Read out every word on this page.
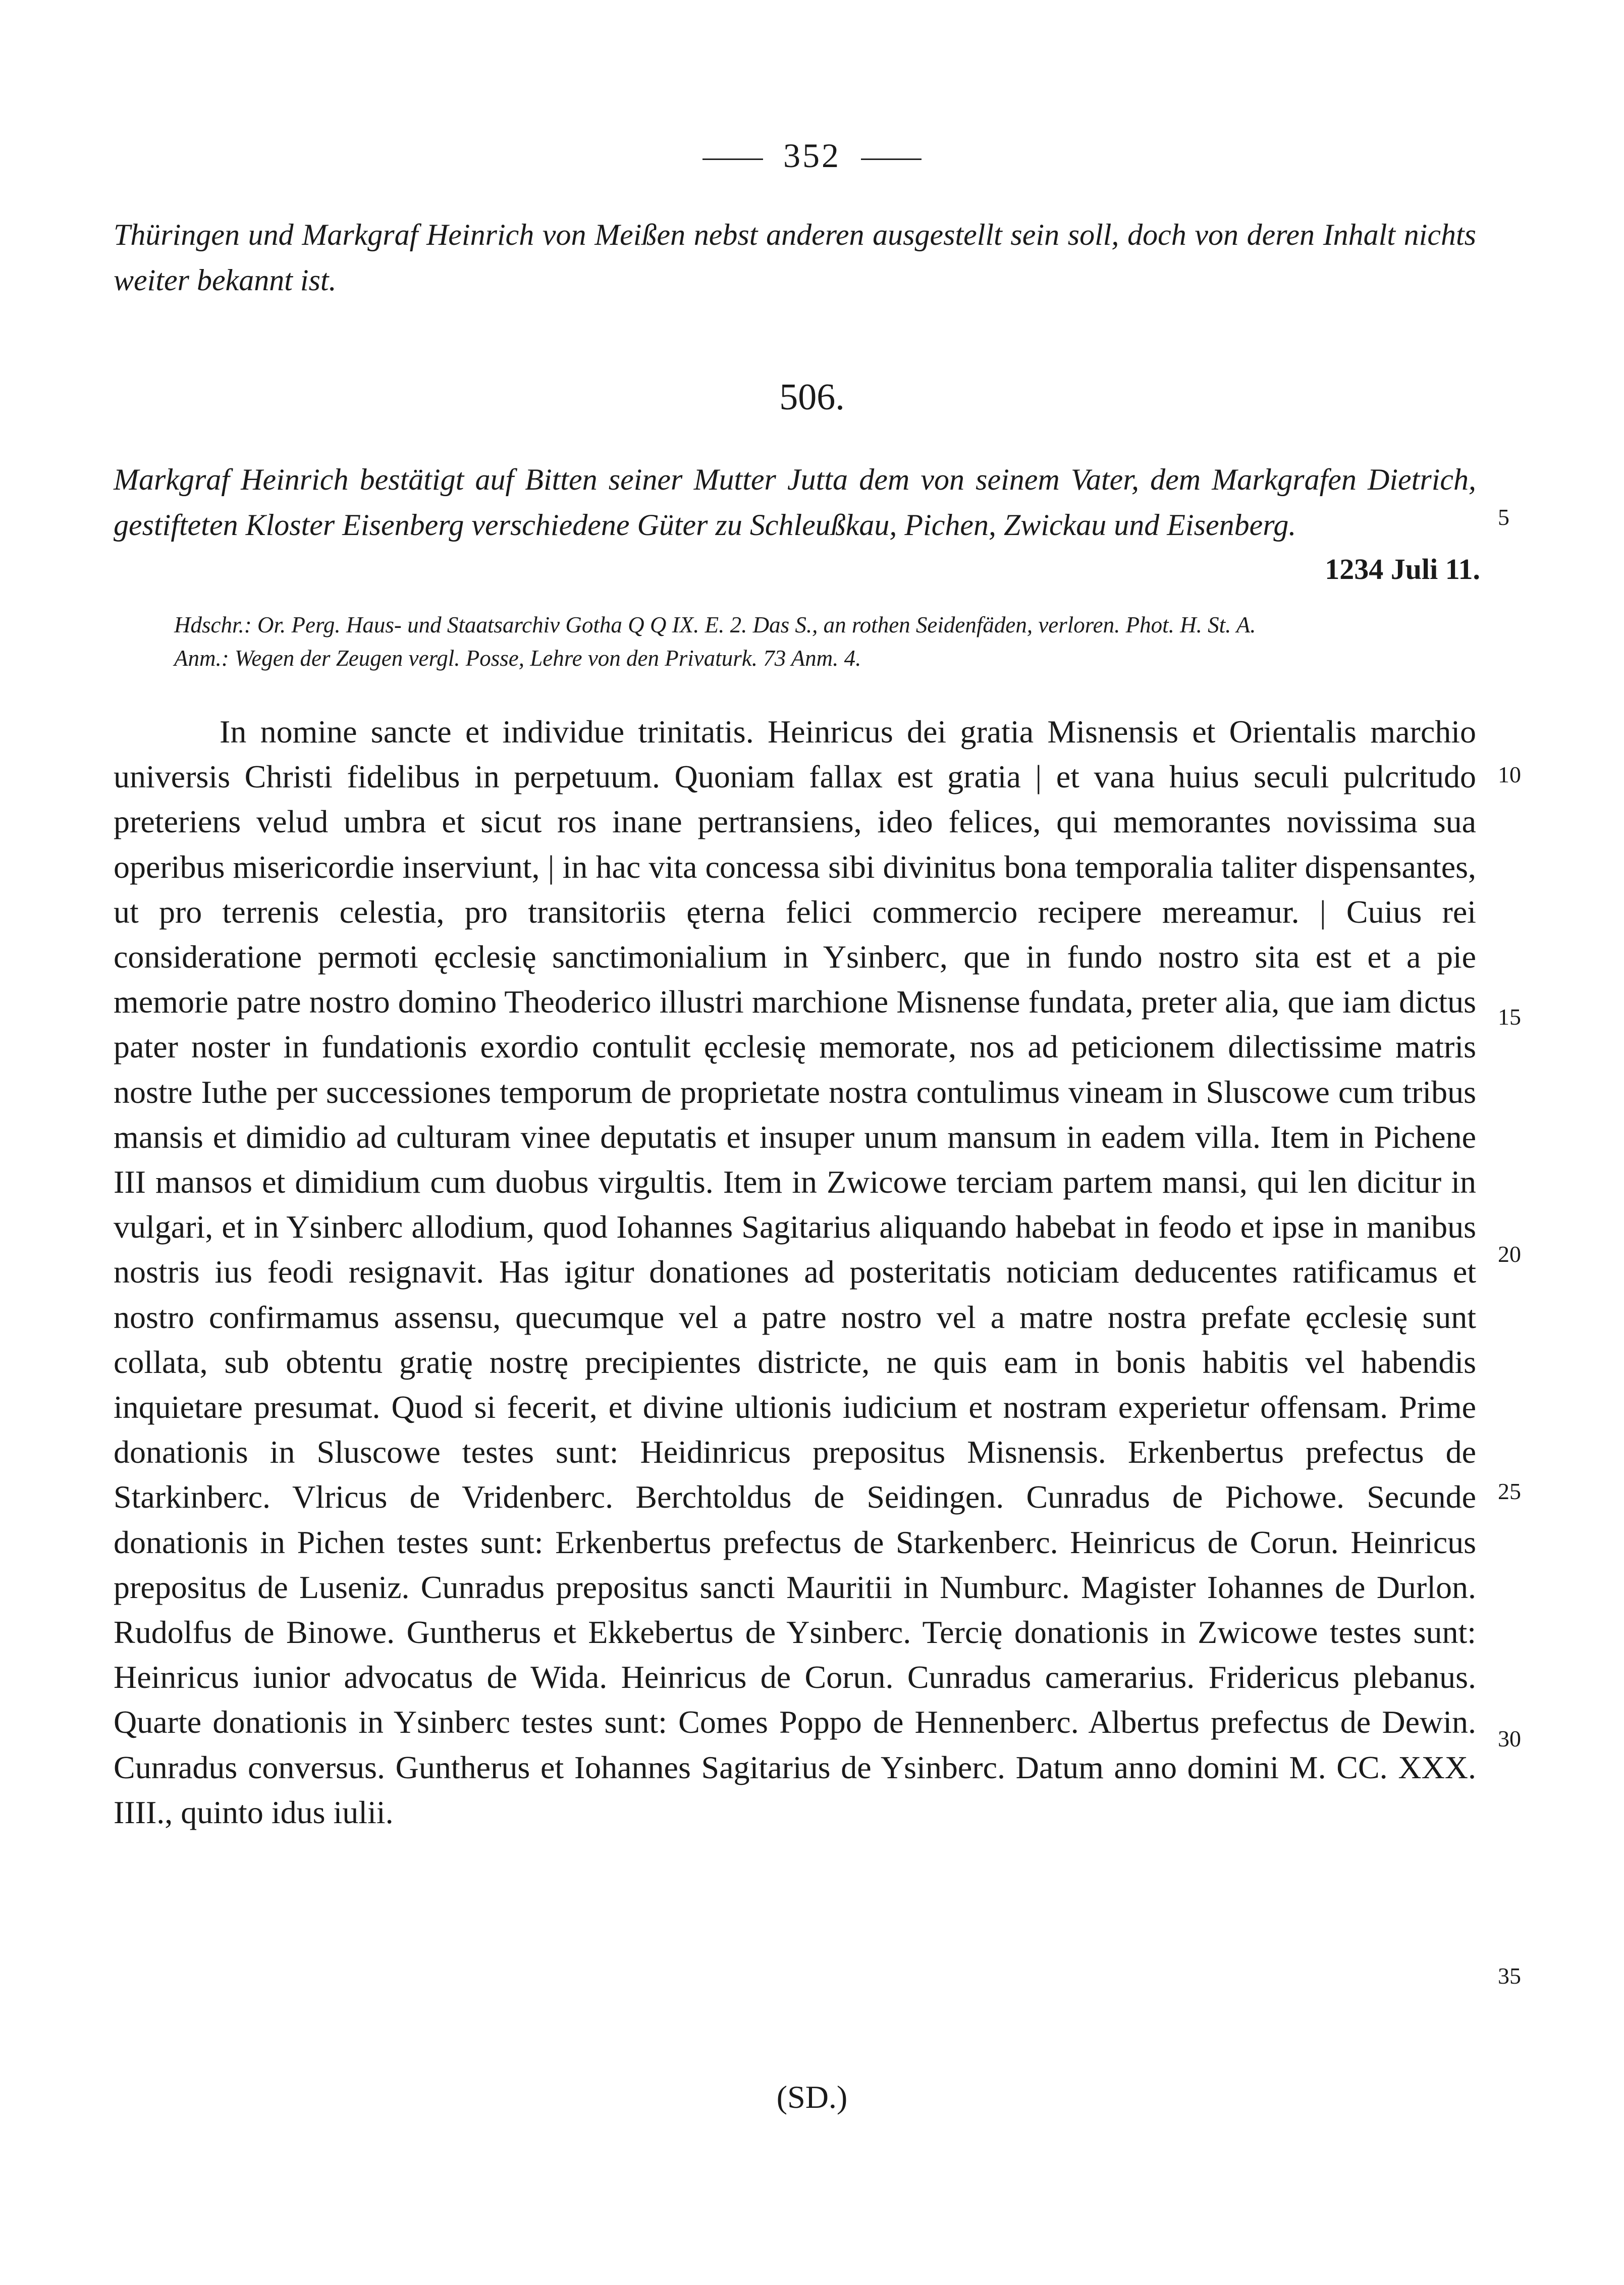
352
Thüringen und Markgraf Heinrich von Meißen nebst anderen ausgestellt sein soll, doch von deren Inhalt nichts weiter bekannt ist.
506.
Markgraf Heinrich bestätigt auf Bitten seiner Mutter Jutta dem von seinem Vater, dem Markgrafen Dietrich, gestifteten Kloster Eisenberg verschiedene Güter zu Schleußkau, Pichen, Zwickau und Eisenberg.
1234 Juli 11.
Hdschr.: Or. Perg. Haus- und Staatsarchiv Gotha Q Q IX. E. 2. Das S., an rothen Seidenfäden, verloren. Phot. H. St. A.
Anm.: Wegen der Zeugen vergl. Posse, Lehre von den Privaturk. 73 Anm. 4.

In nomine sancte et individue trinitatis. Heinricus dei gratia Misnensis et Orientalis marchio universis Christi fidelibus in perpetuum. Quoniam fallax est gratia | et vana huius seculi pulcritudo preteriens velud umbra et sicut ros inane pertransiens, ideo felices, qui memorantes novissima sua operibus misericordie inserviunt, | in hac vita concessa sibi divinitus bona temporalia taliter dispensantes, ut pro terrenis celestia, pro transitoriis ęterna felici commercio recipere mereamur. | Cuius rei consideratione permoti ęcclesię sanctimonialium in Ysinberc, que in fundo nostro sita est et a pie memorie patre nostro domino Theoderico illustri marchione Misnense fundata, preter alia, que iam dictus pater noster in fundationis exordio contulit ęcclesię memorate, nos ad peticionem dilectissime matris nostre Iuthe per successiones temporum de proprietate nostra contulimus vineam in Sluscowe cum tribus mansis et dimidio ad culturam vinee deputatis et insuper unum mansum in eadem villa. Item in Pichene III mansos et dimidium cum duobus virgultis. Item in Zwicowe terciam partem mansi, qui len dicitur in vulgari, et in Ysinberc allodium, quod Iohannes Sagitarius aliquando habebat in feodo et ipse in manibus nostris ius feodi resignavit. Has igitur donationes ad posteritatis noticiam deducentes ratificamus et nostro confirmamus assensu, quecumque vel a patre nostro vel a matre nostra prefate ęcclesię sunt collata, sub obtentu gratię nostrę precipientes districte, ne quis eam in bonis habitis vel habendis inquietare presumat. Quod si fecerit, et divine ultionis iudicium et nostram experietur offensam. Prime donationis in Sluscowe testes sunt: Heidinricus prepositus Misnensis. Erkenbertus prefectus de Starkinberc. Vlricus de Vridenberc. Berchtoldus de Seidingen. Cunradus de Pichowe. Secunde donationis in Pichen testes sunt: Erkenbertus prefectus de Starkenberc. Heinricus de Corun. Heinricus prepositus de Luseniz. Cunradus prepositus sancti Mauritii in Numburc. Magister Iohannes de Durlon. Rudolfus de Binowe. Guntherus et Ekkebertus de Ysinberc. Tercię donationis in Zwicowe testes sunt: Heinricus iunior advocatus de Wida. Heinricus de Corun. Cunradus camerarius. Fridericus plebanus. Quarte donationis in Ysinberc testes sunt: Comes Poppo de Hennenberc. Albertus prefectus de Dewin. Cunradus conversus. Guntherus et Iohannes Sagitarius de Ysinberc. Datum anno domini M. CC. XXX. IIII., quinto idus iulii.

5
10
15
20
25
30
35
(SD.)
